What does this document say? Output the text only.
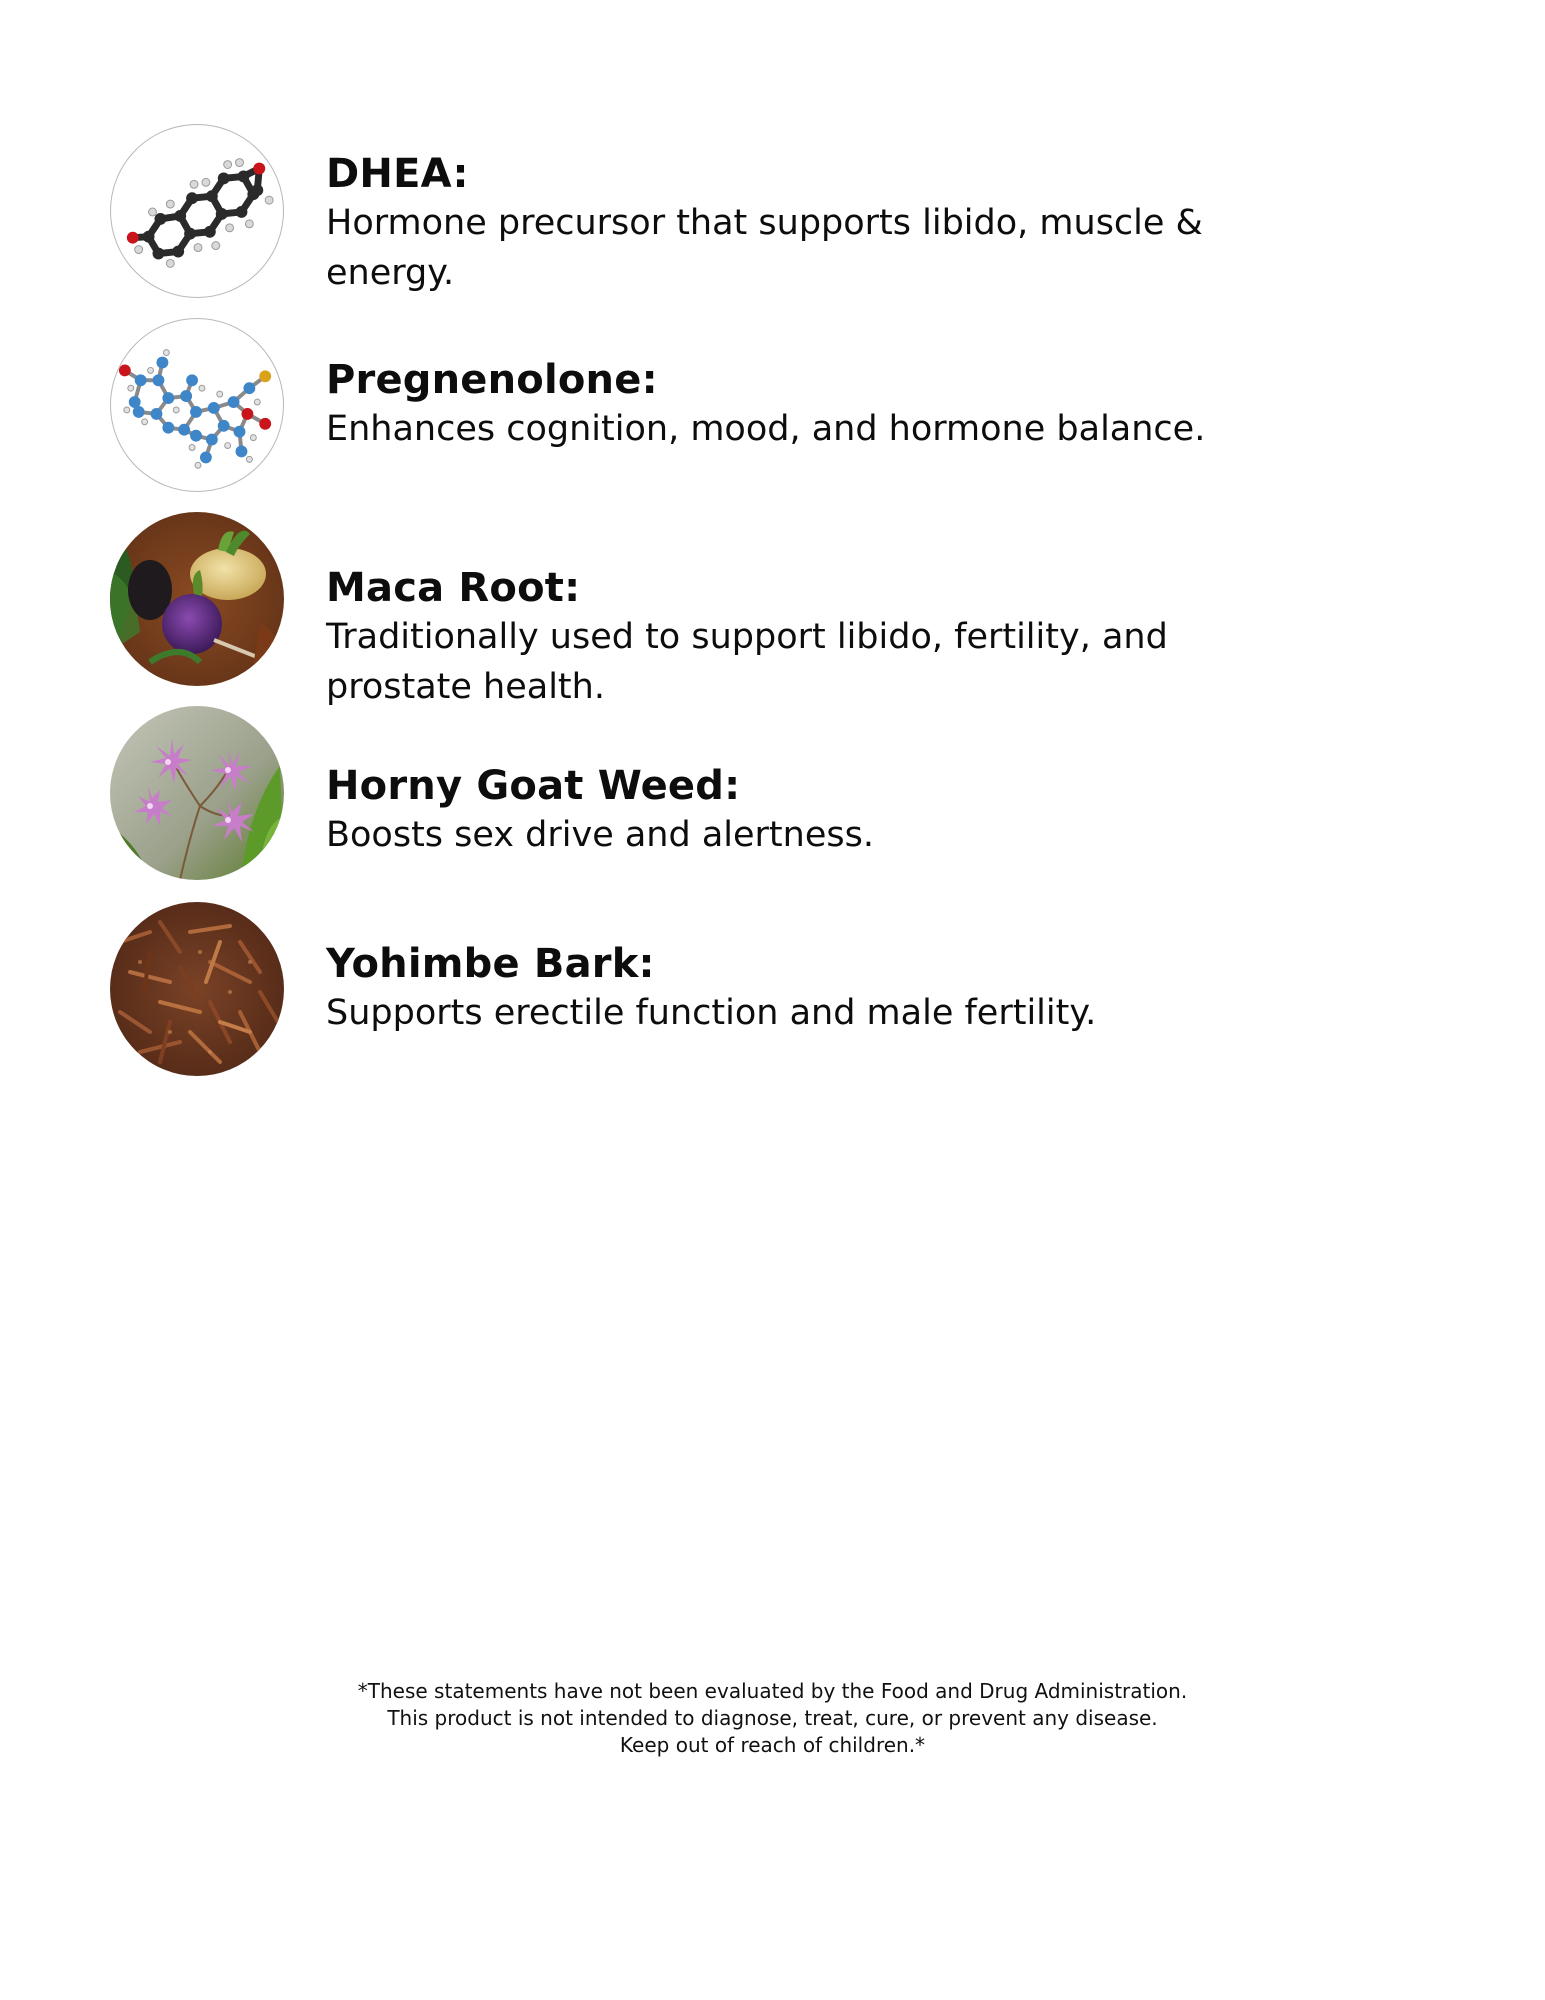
DHEA:

Hormone precursor that supports libido, muscle & energy.

Pregnenolone:

Enhances cognition, mood, and hormone balance.

Maca Root:

Traditionally used to support libido, fertility, and prostate health.

Horny Goat Weed:

Boosts sex drive and alertness.

Yohimbe Bark:

Supports erectile function and male fertility.

*These statements have not been evaluated by the Food and Drug Administration.
This product is not intended to diagnose, treat, cure, or prevent any disease.
Keep out of reach of children.*
